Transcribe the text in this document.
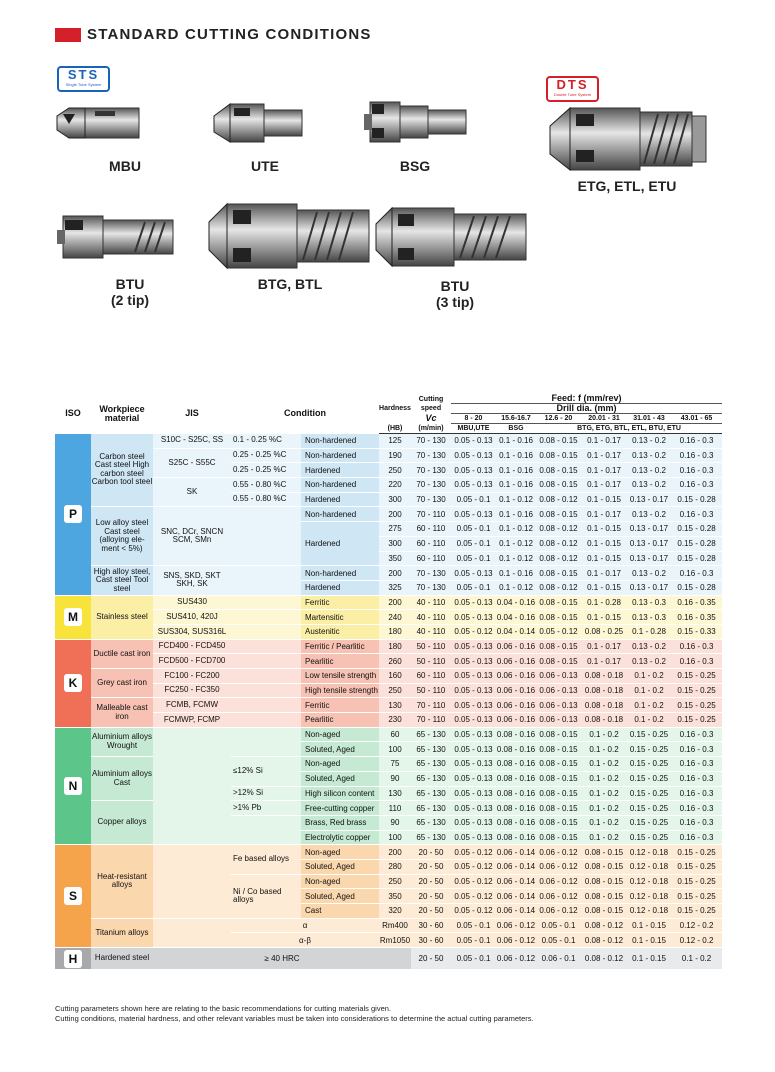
STANDARD CUTTING CONDITIONS
STS
Single Tube System	DTS
Double Tube System
MBU	UTE	BSG
ETG, ETL, ETU
BTU
(2 tip)
BTG, BTL	BTU
(3 tip)
ISO	Workpiece material	JIS	Condition		Hardness	Cutting speed	Feed: f (mm/rev)					
							Drill dia. (mm)					
						Vc	8 - 20	15.6-16.7	12.6 - 20	20.01 - 31	31.01 - 43	43.01 - 65
					(HB)	(m/min)	MBU,UTE	BSG	BTG, ETG, BTL, ETL, BTU, ETU			
P	Carbon steel Cast steel High carbon steel Carbon tool steel	S10C - S25C, SS	0.1 - 0.25 %C	Non-hardened	125	70 - 130	0.05 - 0.13	0.1 - 0.16	0.08 - 0.15	0.1 - 0.17	0.13 - 0.2	0.16 - 0.3
		S25C - S55C	0.25 - 0.25 %C	Non-hardened	190	70 - 130	0.05 - 0.13	0.1 - 0.16	0.08 - 0.15	0.1 - 0.17	0.13 - 0.2	0.16 - 0.3
			0.25 - 0.25 %C	Hardened	250	70 - 130	0.05 - 0.13	0.1 - 0.16	0.08 - 0.15	0.1 - 0.17	0.13 - 0.2	0.16 - 0.3
		SK	0.55 - 0.80 %C	Non-hardened	220	70 - 130	0.05 - 0.13	0.1 - 0.16	0.08 - 0.15	0.1 - 0.17	0.13 - 0.2	0.16 - 0.3
			0.55 - 0.80 %C	Hardened	300	70 - 130	0.05 - 0.1	0.1 - 0.12	0.08 - 0.12	0.1 - 0.15	0.13 - 0.17	0.15 - 0.28
	Low alloy steel Cast steel (alloying ele- ment < 5%)	SNC, DCr, SNCN SCM, SMn		Non-hardened	200	70 - 110	0.05 - 0.13	0.1 - 0.16	0.08 - 0.15	0.1 - 0.17	0.13 - 0.2	0.16 - 0.3
				Hardened	275	60 - 110	0.05 - 0.1	0.1 - 0.12	0.08 - 0.12	0.1 - 0.15	0.13 - 0.17	0.15 - 0.28
					300	60 - 110	0.05 - 0.1	0.1 - 0.12	0.08 - 0.12	0.1 - 0.15	0.13 - 0.17	0.15 - 0.28
					350	60 - 110	0.05 - 0.1	0.1 - 0.12	0.08 - 0.12	0.1 - 0.15	0.13 - 0.17	0.15 - 0.28
	High alloy steel, Cast steel Tool steel	SNS, SKD, SKT SKH, SK		Non-hardened	200	70 - 130	0.05 - 0.13	0.1 - 0.16	0.08 - 0.15	0.1 - 0.17	0.13 - 0.2	0.16 - 0.3
				Hardened	325	70 - 130	0.05 - 0.1	0.1 - 0.12	0.08 - 0.12	0.1 - 0.15	0.13 - 0.17	0.15 - 0.28
M	Stainless steel	SUS430		Ferritic	200	40 - 110	0.05 - 0.13	0.04 - 0.16	0.08 - 0.15	0.1 - 0.28	0.13 - 0.3	0.16 - 0.35
		SUS410, 420J		Martensitic	240	40 - 110	0.05 - 0.13	0.04 - 0.16	0.08 - 0.15	0.1 - 0.15	0.13 - 0.3	0.16 - 0.35
		SUS304, SUS316L		Austenitic	180	40 - 110	0.05 - 0.12	0.04 - 0.14	0.05 - 0.12	0.08 - 0.25	0.1 - 0.28	0.15 - 0.33
K	Ductile cast iron	FCD400 - FCD450		Ferritic / Pearlitic	180	50 - 110	0.05 - 0.13	0.06 - 0.16	0.08 - 0.15	0.1 - 0.17	0.13 - 0.2	0.16 - 0.3
		FCD500 - FCD700		Pearlitic	260	50 - 110	0.05 - 0.13	0.06 - 0.16	0.08 - 0.15	0.1 - 0.17	0.13 - 0.2	0.16 - 0.3
	Grey cast iron	FC100 - FC200		Low tensile strength	160	60 - 110	0.05 - 0.13	0.06 - 0.16	0.06 - 0.13	0.08 - 0.18	0.1 - 0.2	0.15 - 0.25
		FC250 - FC350		High tensile strength	250	50 - 110	0.05 - 0.13	0.06 - 0.16	0.06 - 0.13	0.08 - 0.18	0.1 - 0.2	0.15 - 0.25
	Malleable cast iron	FCMB, FCMW		Ferritic	130	70 - 110	0.05 - 0.13	0.06 - 0.16	0.06 - 0.13	0.08 - 0.18	0.1 - 0.2	0.15 - 0.25
		FCMWP, FCMP		Pearlitic	230	70 - 110	0.05 - 0.13	0.06 - 0.16	0.06 - 0.13	0.08 - 0.18	0.1 - 0.2	0.15 - 0.25
N	Aluminium alloys Wrought			Non-aged	60	65 - 130	0.05 - 0.13	0.08 - 0.16	0.08 - 0.15	0.1 - 0.2	0.15 - 0.25	0.16 - 0.3
				Soluted, Aged	100	65 - 130	0.05 - 0.13	0.08 - 0.16	0.08 - 0.15	0.1 - 0.2	0.15 - 0.25	0.16 - 0.3
	Aluminium alloys Cast		≤12% Si	Non-aged	75	65 - 130	0.05 - 0.13	0.08 - 0.16	0.08 - 0.15	0.1 - 0.2	0.15 - 0.25	0.16 - 0.3
				Soluted, Aged	90	65 - 130	0.05 - 0.13	0.08 - 0.16	0.08 - 0.15	0.1 - 0.2	0.15 - 0.25	0.16 - 0.3
			>12% Si	High silicon content	130	65 - 130	0.05 - 0.13	0.08 - 0.16	0.08 - 0.15	0.1 - 0.2	0.15 - 0.25	0.16 - 0.3
	Copper alloys		>1% Pb	Free-cutting copper	110	65 - 130	0.05 - 0.13	0.08 - 0.16	0.08 - 0.15	0.1 - 0.2	0.15 - 0.25	0.16 - 0.3
				Brass, Red brass	90	65 - 130	0.05 - 0.13	0.08 - 0.16	0.08 - 0.15	0.1 - 0.2	0.15 - 0.25	0.16 - 0.3
				Electrolytic copper	100	65 - 130	0.05 - 0.13	0.08 - 0.16	0.08 - 0.15	0.1 - 0.2	0.15 - 0.25	0.16 - 0.3
S	Heat-resistant alloys		Fe based alloys	Non-aged	200	20 - 50	0.05 - 0.12	0.06 - 0.14	0.06 - 0.12	0.08 - 0.15	0.12 - 0.18	0.15 - 0.25
				Soluted, Aged	280	20 - 50	0.05 - 0.12	0.06 - 0.14	0.06 - 0.12	0.08 - 0.15	0.12 - 0.18	0.15 - 0.25
			Ni / Co based alloys	Non-aged	250	20 - 50	0.05 - 0.12	0.06 - 0.14	0.06 - 0.12	0.08 - 0.15	0.12 - 0.18	0.15 - 0.25
				Soluted, Aged	350	20 - 50	0.05 - 0.12	0.06 - 0.14	0.06 - 0.12	0.08 - 0.15	0.12 - 0.18	0.15 - 0.25
				Cast	320	20 - 50	0.05 - 0.12	0.06 - 0.14	0.06 - 0.12	0.08 - 0.15	0.12 - 0.18	0.15 - 0.25
	Titanium alloys		α		Rm400	30 - 60	0.05 - 0.1	0.06 - 0.12	0.05 - 0.1	0.08 - 0.12	0.1 - 0.15	0.12 - 0.2
			α-β		Rm1050	30 - 60	0.05 - 0.1	0.06 - 0.12	0.05 - 0.1	0.08 - 0.12	0.1 - 0.15	0.12 - 0.2
H	Hardened steel	≥ 40 HRC				20 - 50	0.05 - 0.1	0.06 - 0.12	0.06 - 0.1	0.08 - 0.12	0.1 - 0.15	0.1 - 0.2
Cutting parameters shown here are relating to the basic recommendations for cutting materials given.
Cutting conditions, material hardness, and other relevant variables must be taken into considerations to determine the actual cutting parameters.
